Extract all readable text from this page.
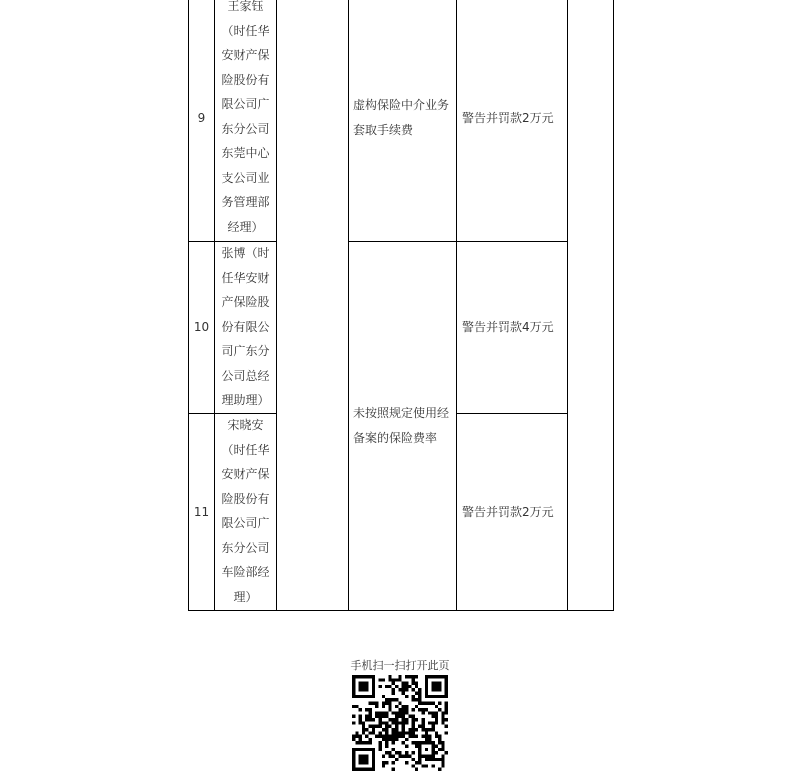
9
王家钰
（时任华
安财产保
险股份有
限公司广
东分公司
东莞中心
支公司业
务管理部
经理）
虚构保险中介业务
套取手续费
警告并罚款2万元
10
张博（时
任华安财
产保险股
份有限公
司广东分
公司总经
理助理）
警告并罚款4万元
未按照规定使用经
备案的保险费率
11
宋晓安
（时任华
安财产保
险股份有
限公司广
东分公司
车险部经
理）
警告并罚款2万元
手机扫一扫打开此页
